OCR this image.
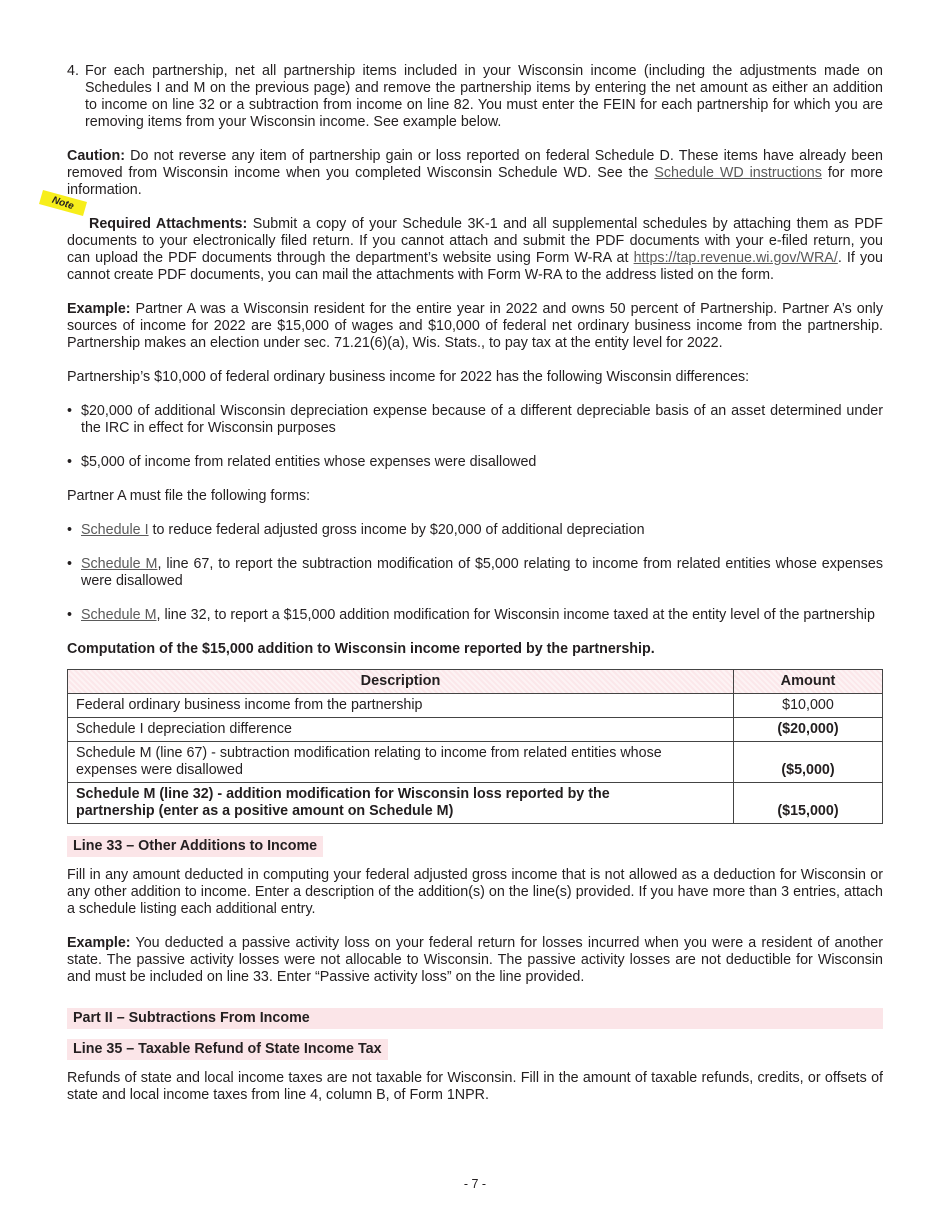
4. For each partnership, net all partnership items included in your Wisconsin income (including the adjustments made on Schedules I and M on the previous page) and remove the partnership items by entering the net amount as either an addition to income on line 32 or a subtraction from income on line 82. You must enter the FEIN for each partnership for which you are removing items from your Wisconsin income. See example below.

Caution: Do not reverse any item of partnership gain or loss reported on federal Schedule D. These items have already been removed from Wisconsin income when you completed Wisconsin Schedule WD. See the Schedule WD instructions for more information.

Note

Required Attachments: Submit a copy of your Schedule 3K-1 and all supplemental schedules by attaching them as PDF documents to your electronically filed return. If you cannot attach and submit the PDF documents with your e-filed return, you can upload the PDF documents through the department’s website using Form W-RA at https://tap.revenue.wi.gov/WRA/. If you cannot create PDF documents, you can mail the attachments with Form W-RA to the address listed on the form.

Example: Partner A was a Wisconsin resident for the entire year in 2022 and owns 50 percent of Partnership. Partner A’s only sources of income for 2022 are $15,000 of wages and $10,000 of federal net ordinary business income from the partnership. Partnership makes an election under sec. 71.21(6)(a), Wis. Stats., to pay tax at the entity level for 2022.

Partnership’s $10,000 of federal ordinary business income for 2022 has the following Wisconsin differences:

• $20,000 of additional Wisconsin depreciation expense because of a different depreciable basis of an asset determined under the IRC in effect for Wisconsin purposes
• $5,000 of income from related entities whose expenses were disallowed

Partner A must file the following forms:

• Schedule I to reduce federal adjusted gross income by $20,000 of additional depreciation
• Schedule M, line 67, to report the subtraction modification of $5,000 relating to income from related entities whose expenses were disallowed
• Schedule M, line 32, to report a $15,000 addition modification for Wisconsin income taxed at the entity level of the partnership

Computation of the $15,000 addition to Wisconsin income reported by the partnership.

Description	Amount
Federal ordinary business income from the partnership	$10,000
Schedule I depreciation difference	($20,000)
Schedule M (line 67) - subtraction modification relating to income from related entities whose expenses were disallowed	($5,000)
Schedule M (line 32) - addition modification for Wisconsin loss reported by the partnership (enter as a positive amount on Schedule M)	($15,000)
Line 33 – Other Additions to Income

Fill in any amount deducted in computing your federal adjusted gross income that is not allowed as a deduction for Wisconsin or any other addition to income. Enter a description of the addition(s) on the line(s) provided. If you have more than 3 entries, attach a schedule listing each additional entry.

Example: You deducted a passive activity loss on your federal return for losses incurred when you were a resident of another state. The passive activity losses were not allocable to Wisconsin. The passive activity losses are not deductible for Wisconsin and must be included on line 33. Enter “Passive activity loss” on the line provided.

Part II – Subtractions From Income
Line 35 – Taxable Refund of State Income Tax

Refunds of state and local income taxes are not taxable for Wisconsin. Fill in the amount of taxable refunds, credits, or offsets of state and local income taxes from line 4, column B, of Form 1NPR.

- 7 -
